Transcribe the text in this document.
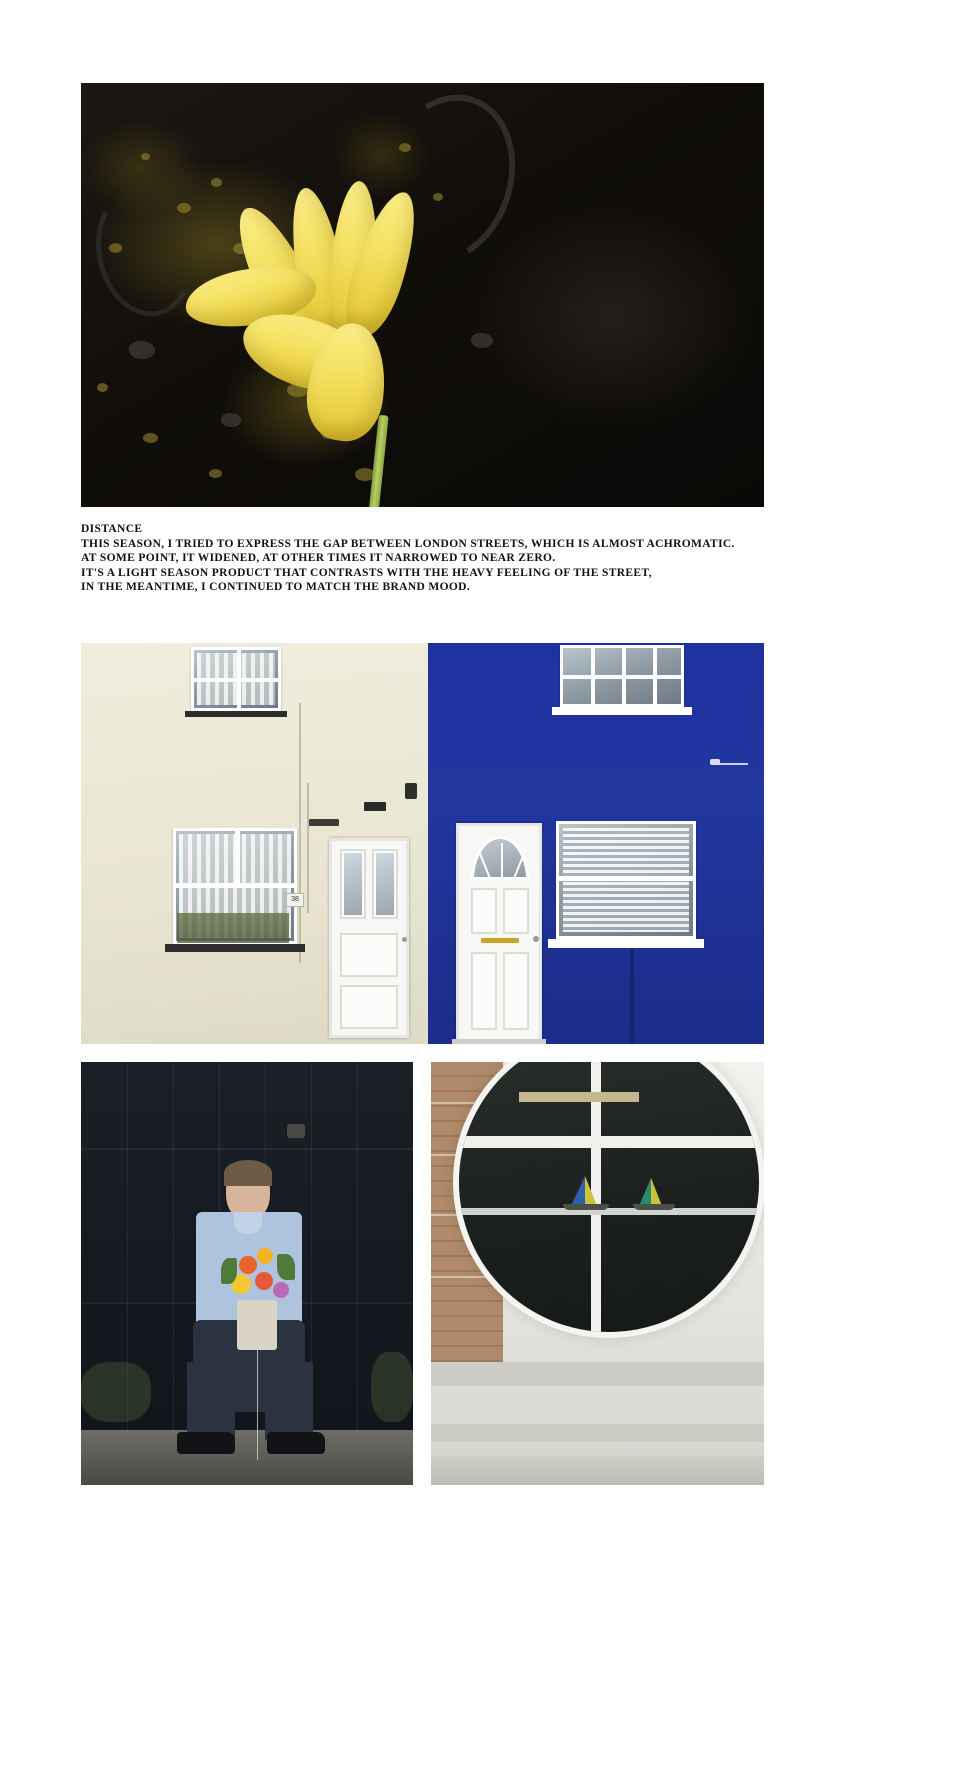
DISTANCE
THIS SEASON, I TRIED TO EXPRESS THE GAP BETWEEN LONDON STREETS, WHICH IS ALMOST ACHROMATIC.
AT SOME POINT, IT WIDENED, AT OTHER TIMES IT NARROWED TO NEAR ZERO.
IT'S A LIGHT SEASON PRODUCT THAT CONTRASTS WITH THE HEAVY FEELING OF THE STREET,
IN THE MEANTIME, I CONTINUED TO MATCH THE BRAND MOOD.
38
